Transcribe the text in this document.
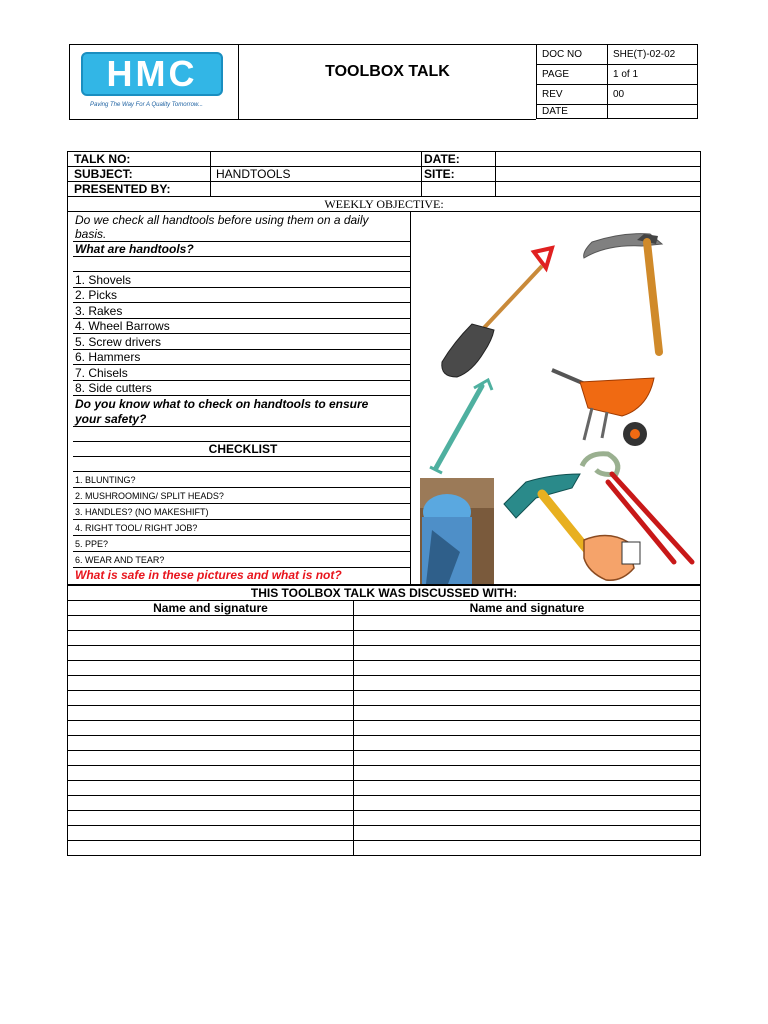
HMC
Paving The Way For A Quality Tomorrow...
TOOLBOX TALK
DOC NO	SHE(T)-02-02
PAGE	1 of 1
REV	00
DATE	
TALK NO:	DATE:
SUBJECT:	HANDTOOLS	SITE:
PRESENTED BY:
WEEKLY OBJECTIVE:
Do we check all handtools before using them on a daily
basis.
What are handtools?
1. Shovels
2. Picks
3. Rakes
4. Wheel Barrows
5. Screw drivers
6. Hammers
7. Chisels
8. Side cutters
Do you know what to check on handtools to ensure
your safety?
CHECKLIST
1. BLUNTING?
2. MUSHROOMING/ SPLIT HEADS?
3. HANDLES? (NO MAKESHIFT)
4. RIGHT TOOL/ RIGHT JOB?
5. PPE?
6. WEAR AND TEAR?
What is safe in these pictures and what is not?
THIS TOOLBOX TALK WAS DISCUSSED WITH:	
Name and signature	Name and signature
